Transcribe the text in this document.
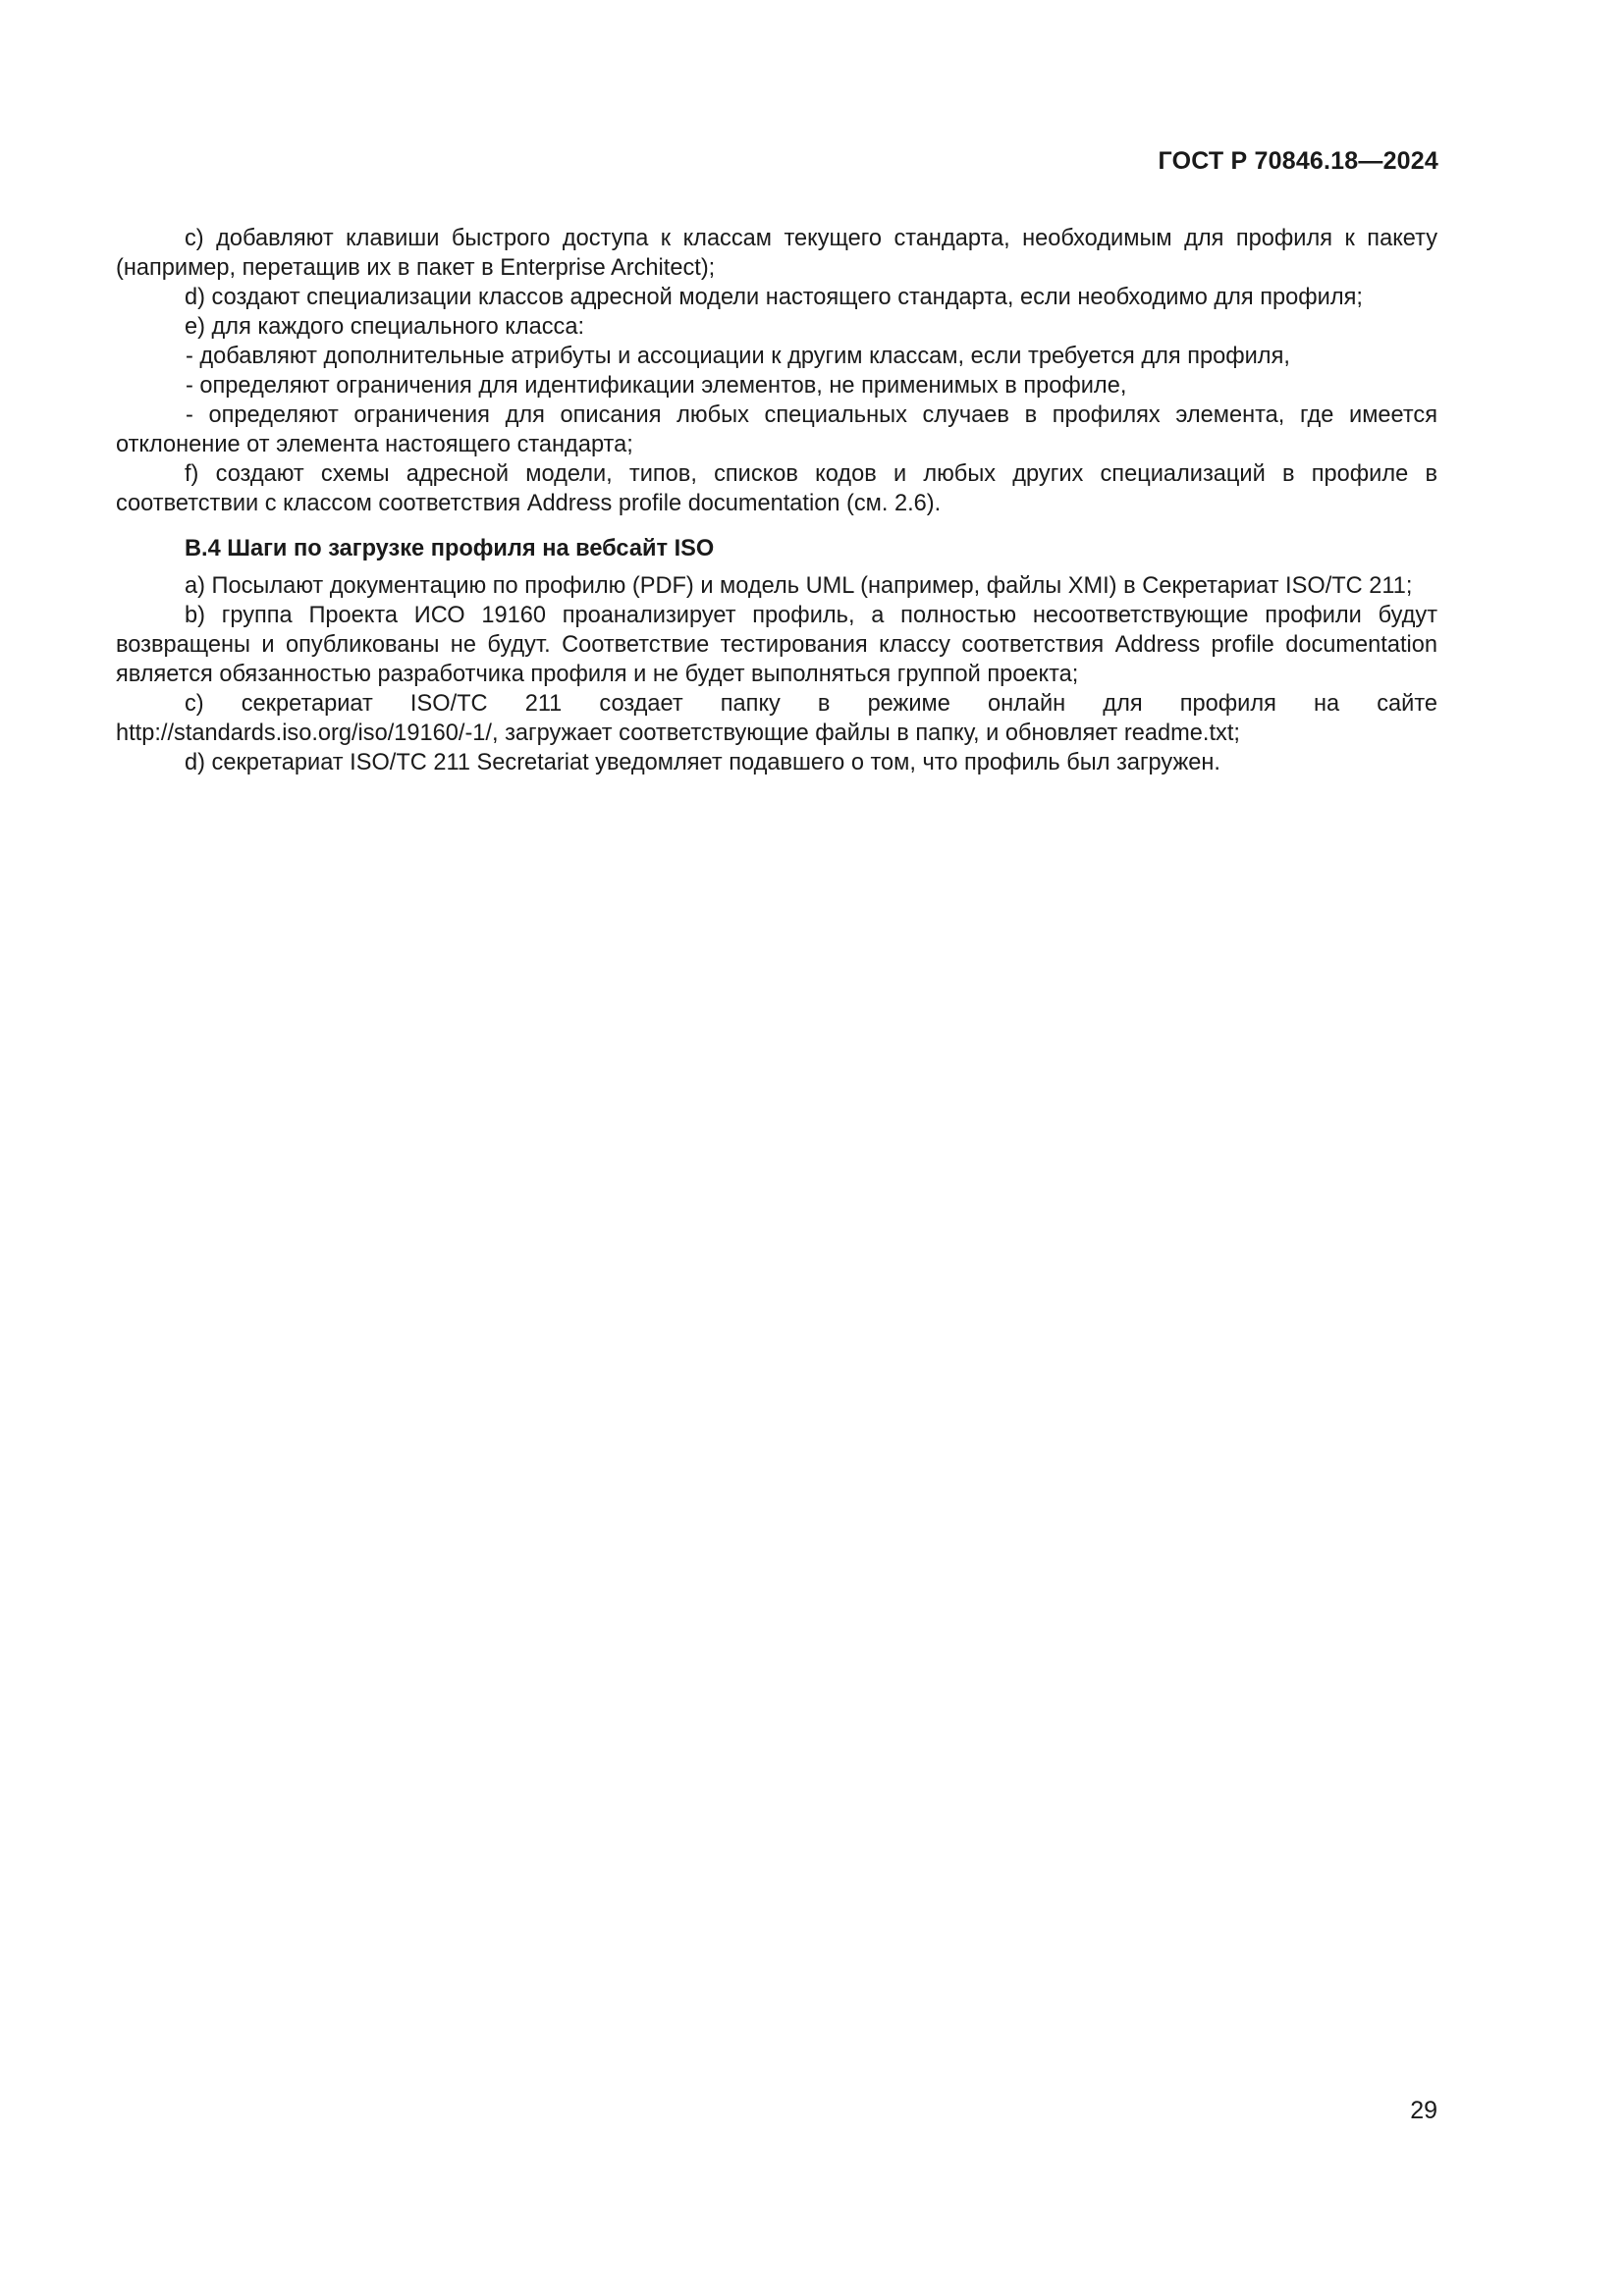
ГОСТ Р 70846.18—2024

c) добавляют клавиши быстрого доступа к классам текущего стандарта, необходимым для профиля к пакету (например, перетащив их в пакет в Enterprise Architect);

d) создают специализации классов адресной модели настоящего стандарта, если необходимо для профиля;

e) для каждого специального класса:

- добавляют дополнительные атрибуты и ассоциации к другим классам, если требуется для профиля,

- определяют ограничения для идентификации элементов, не применимых в профиле,

- определяют ограничения для описания любых специальных случаев в профилях элемента, где имеется отклонение от элемента настоящего стандарта;

f) создают схемы адресной модели, типов, списков кодов и любых других специализаций в профиле в соответствии с классом соответствия Address profile documentation (см. 2.6).

В.4 Шаги по загрузке профиля на вебсайт ISO

a) Посылают документацию по профилю (PDF) и модель UML (например, файлы XMI) в Секретариат ISO/TC 211;

b) группа Проекта ИСО 19160 проанализирует профиль, а полностью несоответствующие профили будут возвращены и опубликованы не будут. Соответствие тестирования классу соответствия Address profile documentation является обязанностью разработчика профиля и не будет выполняться группой проекта;

c) секретариат ISO/TC 211 создает папку в режиме онлайн для профиля на сайте http://standards.iso.org/iso/19160/-1/, загружает соответствующие файлы в папку, и обновляет readme.txt;

d) секретариат ISO/TC 211 Secretariat уведомляет подавшего о том, что профиль был загружен.

29
